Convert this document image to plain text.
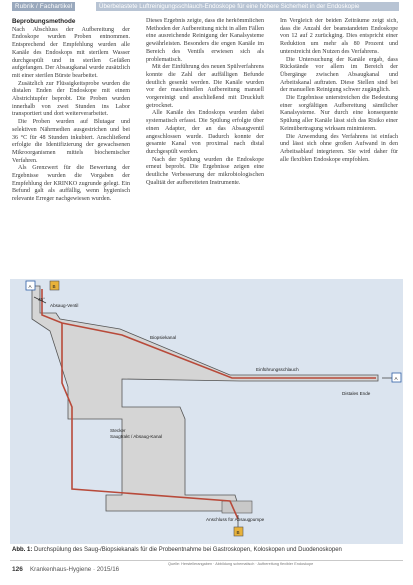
Rubrik / Fachartikel	Überbelastete Luftreinigungsschlauch-Endoskope für eine höhere Sicherheit in der Endoskopie
Beprobungsmethode

Nach Abschluss der Aufbereitung der Endoskope wurden Proben entnommen. Entsprechend der Empfehlung wurden alle Kanäle des Endoskops mit sterilem Wasser durchgespült und in sterilen Gefäßen aufgefangen. Der Absaugkanal wurde zusätzlich mit einer sterilen Bürste bearbeitet.

Zusätzlich zur Flüssigkeitsprobe wurden die distalen Enden der Endoskope mit einem Abstrichtupfer beprobt. Die Proben wurden innerhalb von zwei Stunden ins Labor transportiert und dort weiterverarbeitet.

Die Proben wurden auf Blutagar und selektiven Nährmedien ausgestrichen und bei 36 °C für 48 Stunden inkubiert. Anschließend erfolgte die Identifizierung der gewachsenen Mikroorganismen mittels biochemischer Verfahren.

Als Grenzwert für die Bewertung der Ergebnisse wurden die Vorgaben der Empfehlung der KRINKO zugrunde gelegt. Ein Befund galt als auffällig, wenn hygienisch relevante Erreger nachgewiesen wurden.

Dieses Ergebnis zeigte, dass die herkömmlichen Methoden der Aufbereitung nicht in allen Fällen eine ausreichende Reinigung der Kanalsysteme gewährleisten. Besonders die engen Kanäle im Bereich des Ventils erwiesen sich als problematisch.

Mit der Einführung des neuen Spülverfahrens konnte die Zahl der auffälligen Befunde deutlich gesenkt werden. Die Kanäle wurden vor der maschinellen Aufbereitung manuell vorgereinigt und anschließend mit Druckluft getrocknet.

Alle Kanäle des Endoskops wurden dabei systematisch erfasst. Die Spülung erfolgte über einen Adapter, der an das Absaugventil angeschlossen wurde. Dadurch konnte der gesamte Kanal von proximal nach distal durchgespült werden.

Nach der Spülung wurden die Endoskope erneut beprobt. Die Ergebnisse zeigen eine deutliche Verbesserung der mikrobiologischen Qualität der aufbereiteten Instrumente.

Im Vergleich der beiden Zeiträume zeigt sich, dass die Anzahl der beanstandeten Endoskope von 12 auf 2 zurückging. Dies entspricht einer Reduktion um mehr als 80 Prozent und unterstreicht den Nutzen des Verfahrens.

Die Untersuchung der Kanäle ergab, dass Rückstände vor allem im Bereich der Übergänge zwischen Absaugkanal und Arbeitskanal auftraten. Diese Stellen sind bei der manuellen Reinigung schwer zugänglich.

Die Ergebnisse unterstreichen die Bedeutung einer sorgfältigen Aufbereitung sämtlicher Kanalsysteme. Nur durch eine konsequente Spülung aller Kanäle lässt sich das Risiko einer Keimübertragung wirksam minimieren.

Die Anwendung des Verfahrens ist einfach und lässt sich ohne großen Aufwand in den Arbeitsablauf integrieren. Sie wird daher für alle flexiblen Endoskope empfohlen.

A	B
A
B
45°
Absaug-Ventil
Biopsiekanal
Einführungsschlauch
Distales Ende
Stecker
Saugtrakt / Absaug-Kanal
Anschluss für Absaugpumpe
Abb. 1: Durchspülung des Saug-/Biopsiekanals für die Probeentnahme bei Gastroskopen, Koloskopen und Duodenoskopen
126 Krankenhaus-Hygiene · 2015/16
Quelle: Herstellerangaben · Abbildung schematisch · Aufbereitung flexibler Endoskope
